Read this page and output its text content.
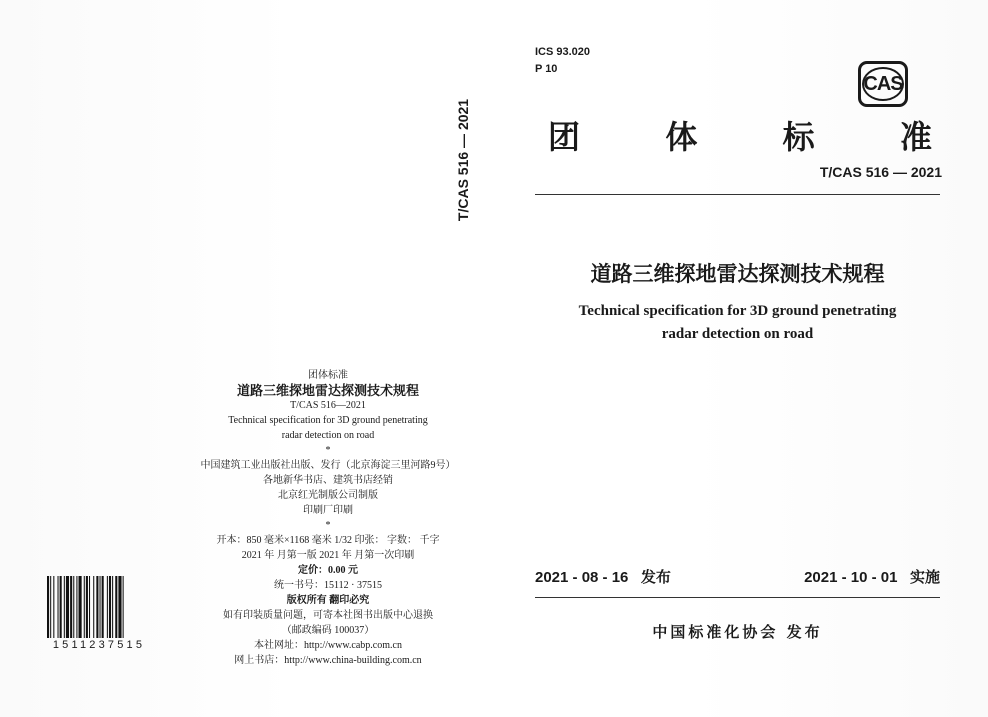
T/CAS 516 — 2021
团体标准
道路三维探地雷达探测技术规程
T/CAS 516—2021
Technical specification for 3D ground penetrating
radar detection on road
*
中国建筑工业出版社出版、发行（北京海淀三里河路9号）
各地新华书店、建筑书店经销
北京红光制版公司制版
印刷厂印刷
*
开本：850 毫米×1168 毫米 1/32 印张： 字数： 千字
2021 年 月第一版 2021 年 月第一次印刷
定价：0.00 元
统一书号：15112 · 37515
版权所有 翻印必究
如有印装质量问题，可寄本社图书出版中心退换
（邮政编码 100037）
本社网址：http://www.cabp.com.cn
网上书店：http://www.china-building.com.cn
1511237515
ICS 93.020
P 10
CAS
团	体	标	准
T/CAS 516 — 2021
道路三维探地雷达探测技术规程
Technical specification for 3D ground penetrating
radar detection on road
2021 - 08 - 16 发布	2021 - 10 - 01 实施
中国标准化协会 发布
